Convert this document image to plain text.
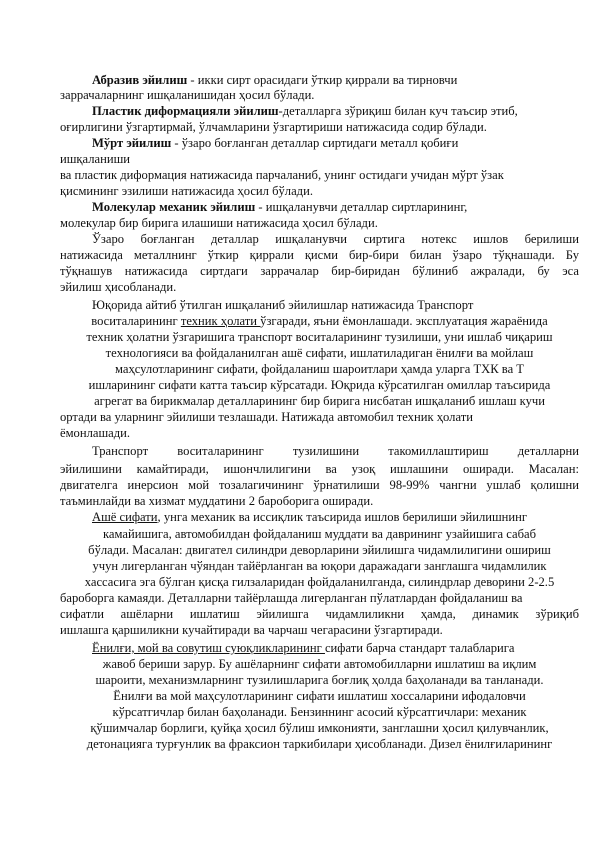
Абразив эйилиш - икки сирт орасидаги ўткир қиррали ва тирновчи
заррачаларнинг ишқаланишидан ҳосил бўлади.
Пластик диформацияли эйилиш-деталларга зўриқиш билан куч таъсир этиб,
оғирлигини ўзгартирмай, ўлчамларини ўзгартириши натижасида содир бўлади.
Мўрт эйилиш - ўзаро боғланган деталлар сиртидаги металл қобиғи
ишқаланиши
ва пластик диформация натижасида парчаланиб, унинг остидаги учидан мўрт ўзак
қисмининг эзилиши натижасида ҳосил бўлади.
Молекулар механик эйилиш - ишқаланувчи деталлар сиртларининг,
молекулар бир бирига илашиши натижасида ҳосил бўлади.
Ўзаро боғланган деталлар ишқаланувчи сиртига нотекс ишлов берилиши
натижасида металлнинг ўткир қиррали қисми бир-бири билан ўзаро тўқнашади. Бу
тўқнашув натижасида сиртдаги заррачалар бир-биридан бўлиниб ажралади, бу эса
эйилиш ҳисобланади.
Юқорида айтиб ўтилган ишқаланиб эйилишлар натижасида Транспорт
воситаларининг техник ҳолати ўзгаради, яъни ёмонлашади. эксплуатация жараёнида
техник ҳолатни ўзгаришига транспорт воситаларининг тузилиши, уни ишлаб чиқариш
технологияси ва фойдаланилган ашё сифати, ишлатиладиган ёнилғи ва мойлаш
маҳсулотларининг сифати, фойдаланиш шароитлари ҳамда уларга ТХК ва Т
ишларининг сифати катта таъсир кўрсатади. Юқрида кўрсатилган омиллар таъсирида
агрегат ва бирикмалар деталларининг бир бирига нисбатан ишқаланиб ишлаш кучи
ортади ва уларнинг эйилиши тезлашади. Натижада автомобил техник ҳолати
ёмонлашади.
Транспорт воситаларининг тузилишини такомиллаштириш деталларни
эйилишини камайтиради, ишончлилигини ва узоқ ишлашини оширади. Масалан:
двигателга инерсион мой тозалагичининг ўрнатилиши 98-99% чангни ушлаб қолишни
таъминлайди ва хизмат муддатини 2 бароборига оширади.
Ашё сифати, унга механик ва иссиқлик таъсирида ишлов берилиши эйилишнинг
камайишига, автомобилдан фойдаланиш муддати ва даврининг узайишига сабаб
бўлади. Масалан: двигател силиндри деворларини эйилишга чидамлилигини ошириш
учун лигерланган чўяндан тайёрланган ва юқори даражадаги занглашга чидамлилик
хассасига эга бўлган қисқа гилзаларидан фойдаланилганда, силиндрлар деворини 2-2.5
бароборга камаяди. Деталларни тайёрлашда лигерланган пўлатлардан фойдаланиш ва
сифатли ашёларни ишлатиш эйилишга чидамлиликни ҳамда, динамик зўриқиб
ишлашга қаршиликни кучайтиради ва чарчаш чегарасини ўзгартиради.
Ёнилғи, мой ва совутиш суюқликларининг сифати барча стандарт талабларига
жавоб бериши зарур. Бу ашёларнинг сифати автомобилларни ишлатиш ва иқлим
шароити, механизмларнинг тузилишларига боғлиқ ҳолда баҳоланади ва танланади.
Ёнилғи ва мой маҳсулотларининг сифати ишлатиш хоссаларини ифодаловчи
кўрсатгичлар билан баҳоланади. Бензиннинг асосий кўрсатгичлари: механик
қўшимчалар борлиги, қуйқа ҳосил бўлиш имконияти, занглашни ҳосил қилувчанлик,
детонацияга турғунлик ва фраксион таркибилари ҳисобланади. Дизел ёнилғиларининг
